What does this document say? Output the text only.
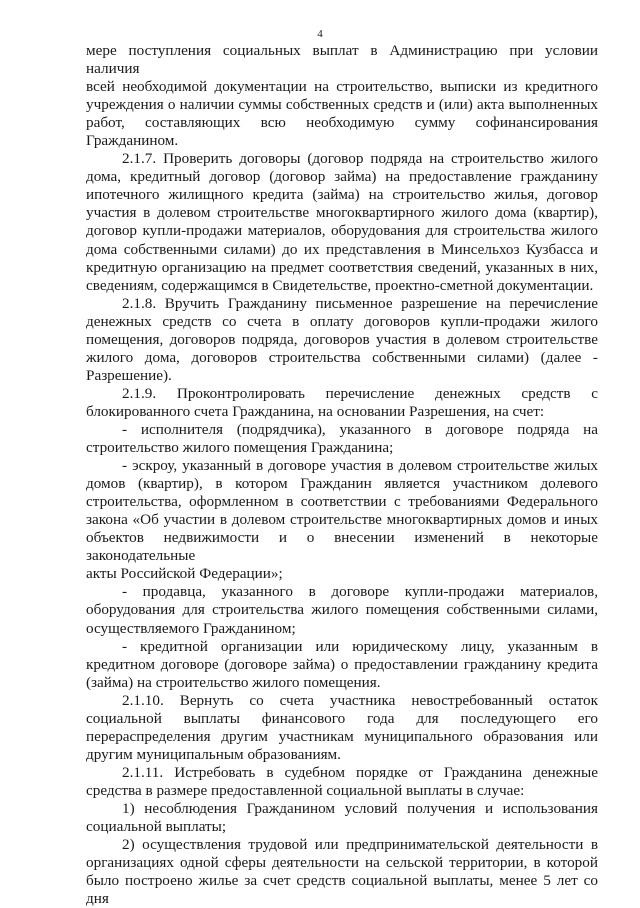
4
мере поступления социальных выплат в Администрацию при условии наличия
всей необходимой документации на строительство, выписки из кредитного
учреждения о наличии суммы собственных средств и (или) акта выполненных
работ, составляющих всю необходимую сумму софинансирования
Гражданином.
2.1.7. Проверить договоры (договор подряда на строительство жилого
дома, кредитный договор (договор займа) на предоставление гражданину
ипотечного жилищного кредита (займа) на строительство жилья, договор
участия в долевом строительстве многоквартирного жилого дома (квартир),
договор купли-продажи материалов, оборудования для строительства жилого
дома собственными силами) до их представления в Минсельхоз Кузбасса и
кредитную организацию на предмет соответствия сведений, указанных в них,
сведениям, содержащимся в Свидетельстве, проектно-сметной документации.
2.1.8. Вручить Гражданину письменное разрешение на перечисление
денежных средств со счета в оплату договоров купли-продажи жилого
помещения, договоров подряда, договоров участия в долевом строительстве
жилого дома, договоров строительства собственными силами) (далее -
Разрешение).
2.1.9. Проконтролировать перечисление денежных средств с
блокированного счета Гражданина, на основании Разрешения, на счет:
- исполнителя (подрядчика), указанного в договоре подряда на
строительство жилого помещения Гражданина;
- эскроу, указанный в договоре участия в долевом строительстве жилых
домов (квартир), в котором Гражданин является участником долевого
строительства, оформленном в соответствии с требованиями Федерального
закона «Об участии в долевом строительстве многоквартирных домов и иных
объектов недвижимости и о внесении изменений в некоторые законодательные
акты Российской Федерации»;
- продавца, указанного в договоре купли-продажи материалов,
оборудования для строительства жилого помещения собственными силами,
осуществляемого Гражданином;
- кредитной организации или юридическому лицу, указанным в
кредитном договоре (договоре займа) о предоставлении гражданину кредита
(займа) на строительство жилого помещения.
2.1.10. Вернуть со счета участника невостребованный остаток
социальной выплаты финансового года для последующего его
перераспределения другим участникам муниципального образования или
другим муниципальным образованиям.
2.1.11. Истребовать в судебном порядке от Гражданина денежные
средства в размере предоставленной социальной выплаты в случае:
1) несоблюдения Гражданином условий получения и использования
социальной выплаты;
2) осуществления трудовой или предпринимательской деятельности в
организациях одной сферы деятельности на сельской территории, в которой
было построено жилье за счет средств социальной выплаты, менее 5 лет со дня
